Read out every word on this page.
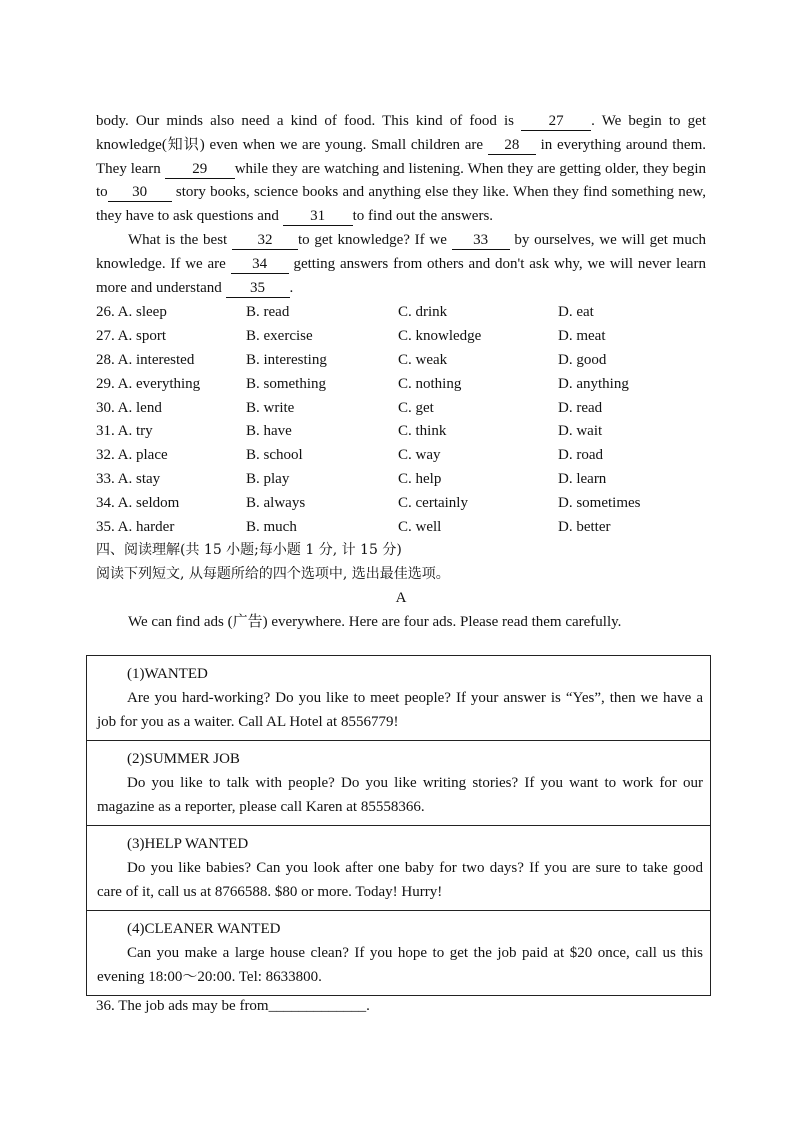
body. Our minds also need a kind of food. This kind of food is 27 . We begin to get knowledge(知识) even when we are young. Small children are 28 in everything around them. They learn 29 while they are watching and listening. When they are getting older, they begin to 30 story books, science books and anything else they like. When they find something new, they have to ask questions and 31 to find out the answers.

What is the best 32 to get knowledge? If we 33 by ourselves, we will get much knowledge. If we are 34 getting answers from others and don't ask why, we will never learn more and understand 35 .

26. A. sleep	B. read	C. drink	D. eat
27. A. sport	B. exercise	C. knowledge	D. meat
28. A. interested	B. interesting	C. weak	D. good
29. A. everything	B. something	C. nothing	D. anything
30. A. lend	B. write	C. get	D. read
31. A. try	B. have	C. think	D. wait
32. A. place	B. school	C. way	D. road
33. A. stay	B. play	C. help	D. learn
34. A. seldom	B. always	C. certainly	D. sometimes
35. A. harder	B. much	C. well	D. better
四、阅读理解(共 15 小题;每小题 1 分, 计 15 分)
阅读下列短文, 从每题所给的四个选项中, 选出最佳选项。
A
We can find ads (广告) everywhere. Here are four ads. Please read them carefully.
(1)WANTED
Are you hard-working? Do you like to meet people? If your answer is “Yes”, then we have a job for you as a waiter. Call AL Hotel at 8556779!
(2)SUMMER JOB
Do you like to talk with people? Do you like writing stories? If you want to work for our magazine as a reporter, please call Karen at 85558366.
(3)HELP WANTED
Do you like babies? Can you look after one baby for two days? If you are sure to take good care of it, call us at 8766588. $80 or more. Today! Hurry!
(4)CLEANER WANTED
Can you make a large house clean? If you hope to get the job paid at $20 once, call us this evening 18:00～20:00. Tel: 8633800.
36. The job ads may be from_____________.
